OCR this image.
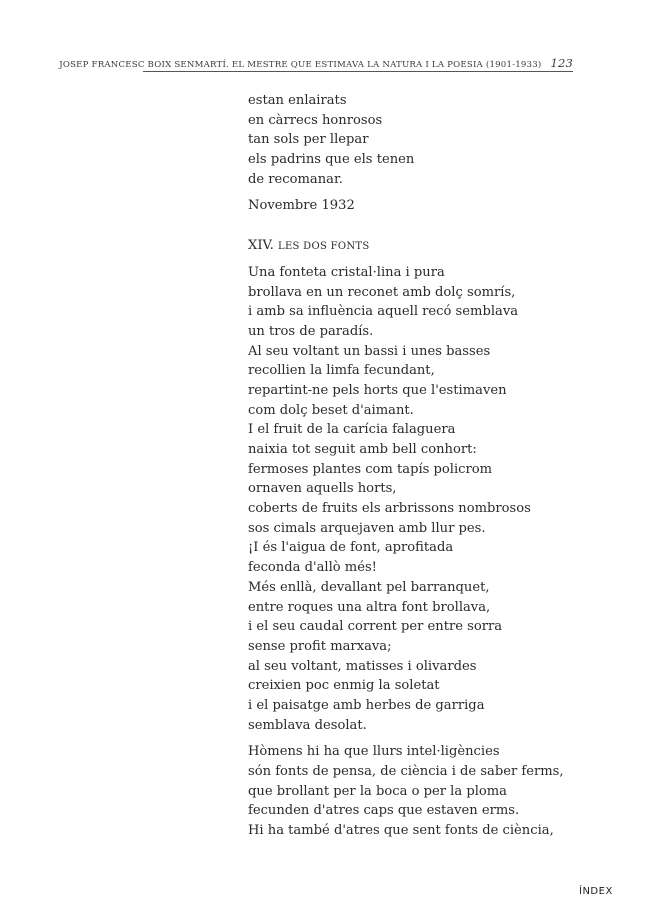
JOSEP FRANCESC BOIX SENMARTÍ. EL MESTRE QUE ESTIMAVA LA NATURA I LA POESIA (1901-1933) 123
estan enlairats
en càrrecs honrosos
tan sols per llepar
els padrins que els tenen
de recomanar.
Novembre 1932
XIV. LES DOS FONTS
Una fonteta cristal·lina i pura
brollava en un reconet amb dolç somrís,
i amb sa influència aquell recó semblava
un tros de paradís.
Al seu voltant un bassi i unes basses
recollien la limfa fecundant,
repartint-ne pels horts que l'estimaven
com dolç beset d'aimant.
I el fruit de la carícia falaguera
naixia tot seguit amb bell conhort:
fermoses plantes com tapís policrom
ornaven aquells horts,
coberts de fruits els arbrissons nombrosos
sos cimals arquejaven amb llur pes.
¡I és l'aigua de font, aprofitada
feconda d'allò més!
Més enllà, devallant pel barranquet,
entre roques una altra font brollava,
i el seu caudal corrent per entre sorra
sense profit marxava;
al seu voltant, matisses i olivardes
creixien poc enmig la soletat
i el paisatge amb herbes de garriga
semblava desolat.
Hòmens hi ha que llurs intel·ligències
són fonts de pensa, de ciència i de saber ferms,
que brollant per la boca o per la ploma
fecunden d'atres caps que estaven erms.
Hi ha també d'atres que sent fonts de ciència,
ÍNDEX
